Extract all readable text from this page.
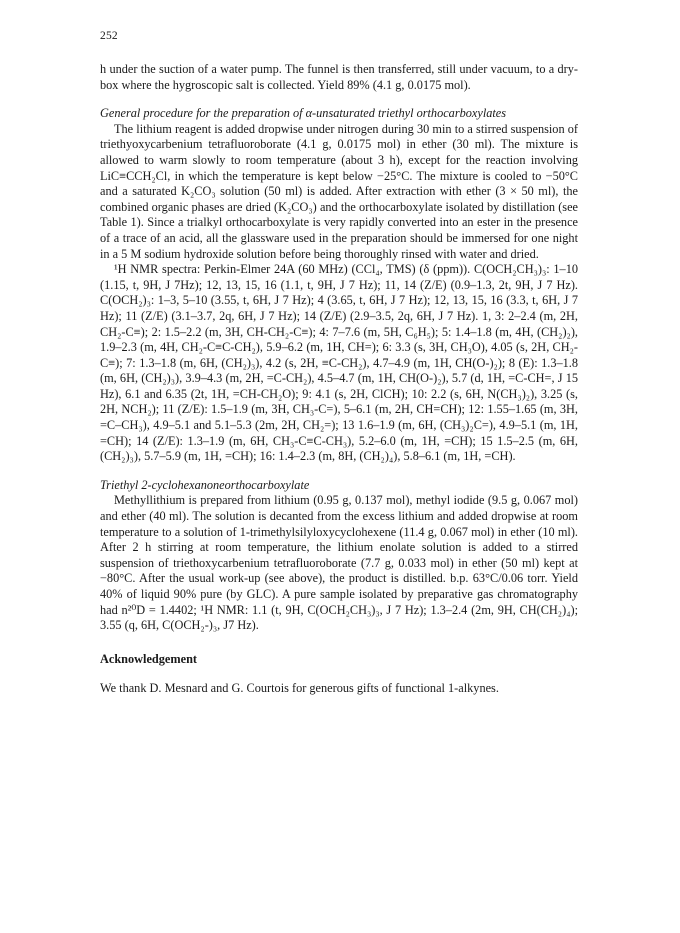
252

h under the suction of a water pump. The funnel is then transferred, still under vacuum, to a dry-box where the hygroscopic salt is collected. Yield 89% (4.1 g, 0.0175 mol).

General procedure for the preparation of α-unsaturated triethyl orthocarboxylates

The lithium reagent is added dropwise under nitrogen during 30 min to a stirred suspension of triethyoxycarbenium tetrafluoroborate (4.1 g, 0.0175 mol) in ether (30 ml). The mixture is allowed to warm slowly to room temperature (about 3 h), except for the reaction involving LiC≡CCH₂Cl, in which the temperature is kept below −25°C. The mixture is cooled to −50°C and a saturated K₂CO₃ solution (50 ml) is added. After extraction with ether (3 × 50 ml), the combined organic phases are dried (K₂CO₃) and the orthocarboxylate isolated by distillation (see Table 1). Since a trialkyl orthocarboxylate is very rapidly converted into an ester in the presence of a trace of an acid, all the glassware used in the preparation should be immersed for one night in a 5 M sodium hydroxide solution before being thoroughly rinsed with water and dried.

¹H NMR spectra: Perkin-Elmer 24A (60 MHz) (CCl₄, TMS) (δ (ppm)). C(OCH₂CH₃)₃: 1–10 (1.15, t, 9H, J 7Hz); 12, 13, 15, 16 (1.1, t, 9H, J 7 Hz); 11, 14 (Z/E) (0.9–1.3, 2t, 9H, J 7 Hz). C(OCH₂)₃: 1–3, 5–10 (3.55, t, 6H, J 7 Hz); 4 (3.65, t, 6H, J 7 Hz); 12, 13, 15, 16 (3.3, t, 6H, J 7 Hz); 11 (Z/E) (3.1–3.7, 2q, 6H, J 7 Hz); 14 (Z/E) (2.9–3.5, 2q, 6H, J 7 Hz). 1, 3: 2–2.4 (m, 2H, CH₂-C≡); 2: 1.5–2.2 (m, 3H, CH-CH₂-C≡); 4: 7–7.6 (m, 5H, C₆H₅); 5: 1.4–1.8 (m, 4H, (CH₂)₂), 1.9–2.3 (m, 4H, CH₂-C≡C-CH₂), 5.9–6.2 (m, 1H, CH=); 6: 3.3 (s, 3H, CH₃O), 4.05 (s, 2H, CH₂-C≡); 7: 1.3–1.8 (m, 6H, (CH₂)₃), 4.2 (s, 2H, ≡C-CH₂), 4.7–4.9 (m, 1H, CH(O-)₂); 8 (E): 1.3–1.8 (m, 6H, (CH₂)₃), 3.9–4.3 (m, 2H, =C-CH₂), 4.5–4.7 (m, 1H, CH(O-)₂), 5.7 (d, 1H, =C-CH=, J 15 Hz), 6.1 and 6.35 (2t, 1H, =CH-CH₂O); 9: 4.1 (s, 2H, ClCH); 10: 2.2 (s, 6H, N(CH₃)₂), 3.25 (s, 2H, NCH₂); 11 (Z/E): 1.5–1.9 (m, 3H, CH₃-C=), 5–6.1 (m, 2H, CH=CH); 12: 1.55–1.65 (m, 3H, =C–CH₃), 4.9–5.1 and 5.1–5.3 (2m, 2H, CH₂=); 13 1.6–1.9 (m, 6H, (CH₃)₂C=), 4.9–5.1 (m, 1H, =CH); 14 (Z/E): 1.3–1.9 (m, 6H, CH₃-C≡C-CH₃), 5.2–6.0 (m, 1H, =CH); 15 1.5–2.5 (m, 6H, (CH₂)₃), 5.7–5.9 (m, 1H, =CH); 16: 1.4–2.3 (m, 8H, (CH₂)₄), 5.8–6.1 (m, 1H, =CH).

Triethyl 2-cyclohexanoneorthocarboxylate

Methyllithium is prepared from lithium (0.95 g, 0.137 mol), methyl iodide (9.5 g, 0.067 mol) and ether (40 ml). The solution is decanted from the excess lithium and added dropwise at room temperature to a solution of 1-trimethylsilyloxycyclohexene (11.4 g, 0.067 mol) in ether (10 ml). After 2 h stirring at room temperature, the lithium enolate solution is added to a stirred suspension of triethoxycarbenium tetrafluoroborate (7.7 g, 0.033 mol) in ether (50 ml) kept at −80°C. After the usual work-up (see above), the product is distilled. b.p. 63°C/0.06 torr. Yield 40% of liquid 90% pure (by GLC). A pure sample isolated by preparative gas chromatography had n²⁰D = 1.4402; ¹H NMR: 1.1 (t, 9H, C(OCH₂CH₃)₃, J 7 Hz); 1.3–2.4 (2m, 9H, CH(CH₂)₄); 3.55 (q, 6H, C(OCH₂-)₃, J7 Hz).

Acknowledgement

We thank D. Mesnard and G. Courtois for generous gifts of functional 1-alkynes.
